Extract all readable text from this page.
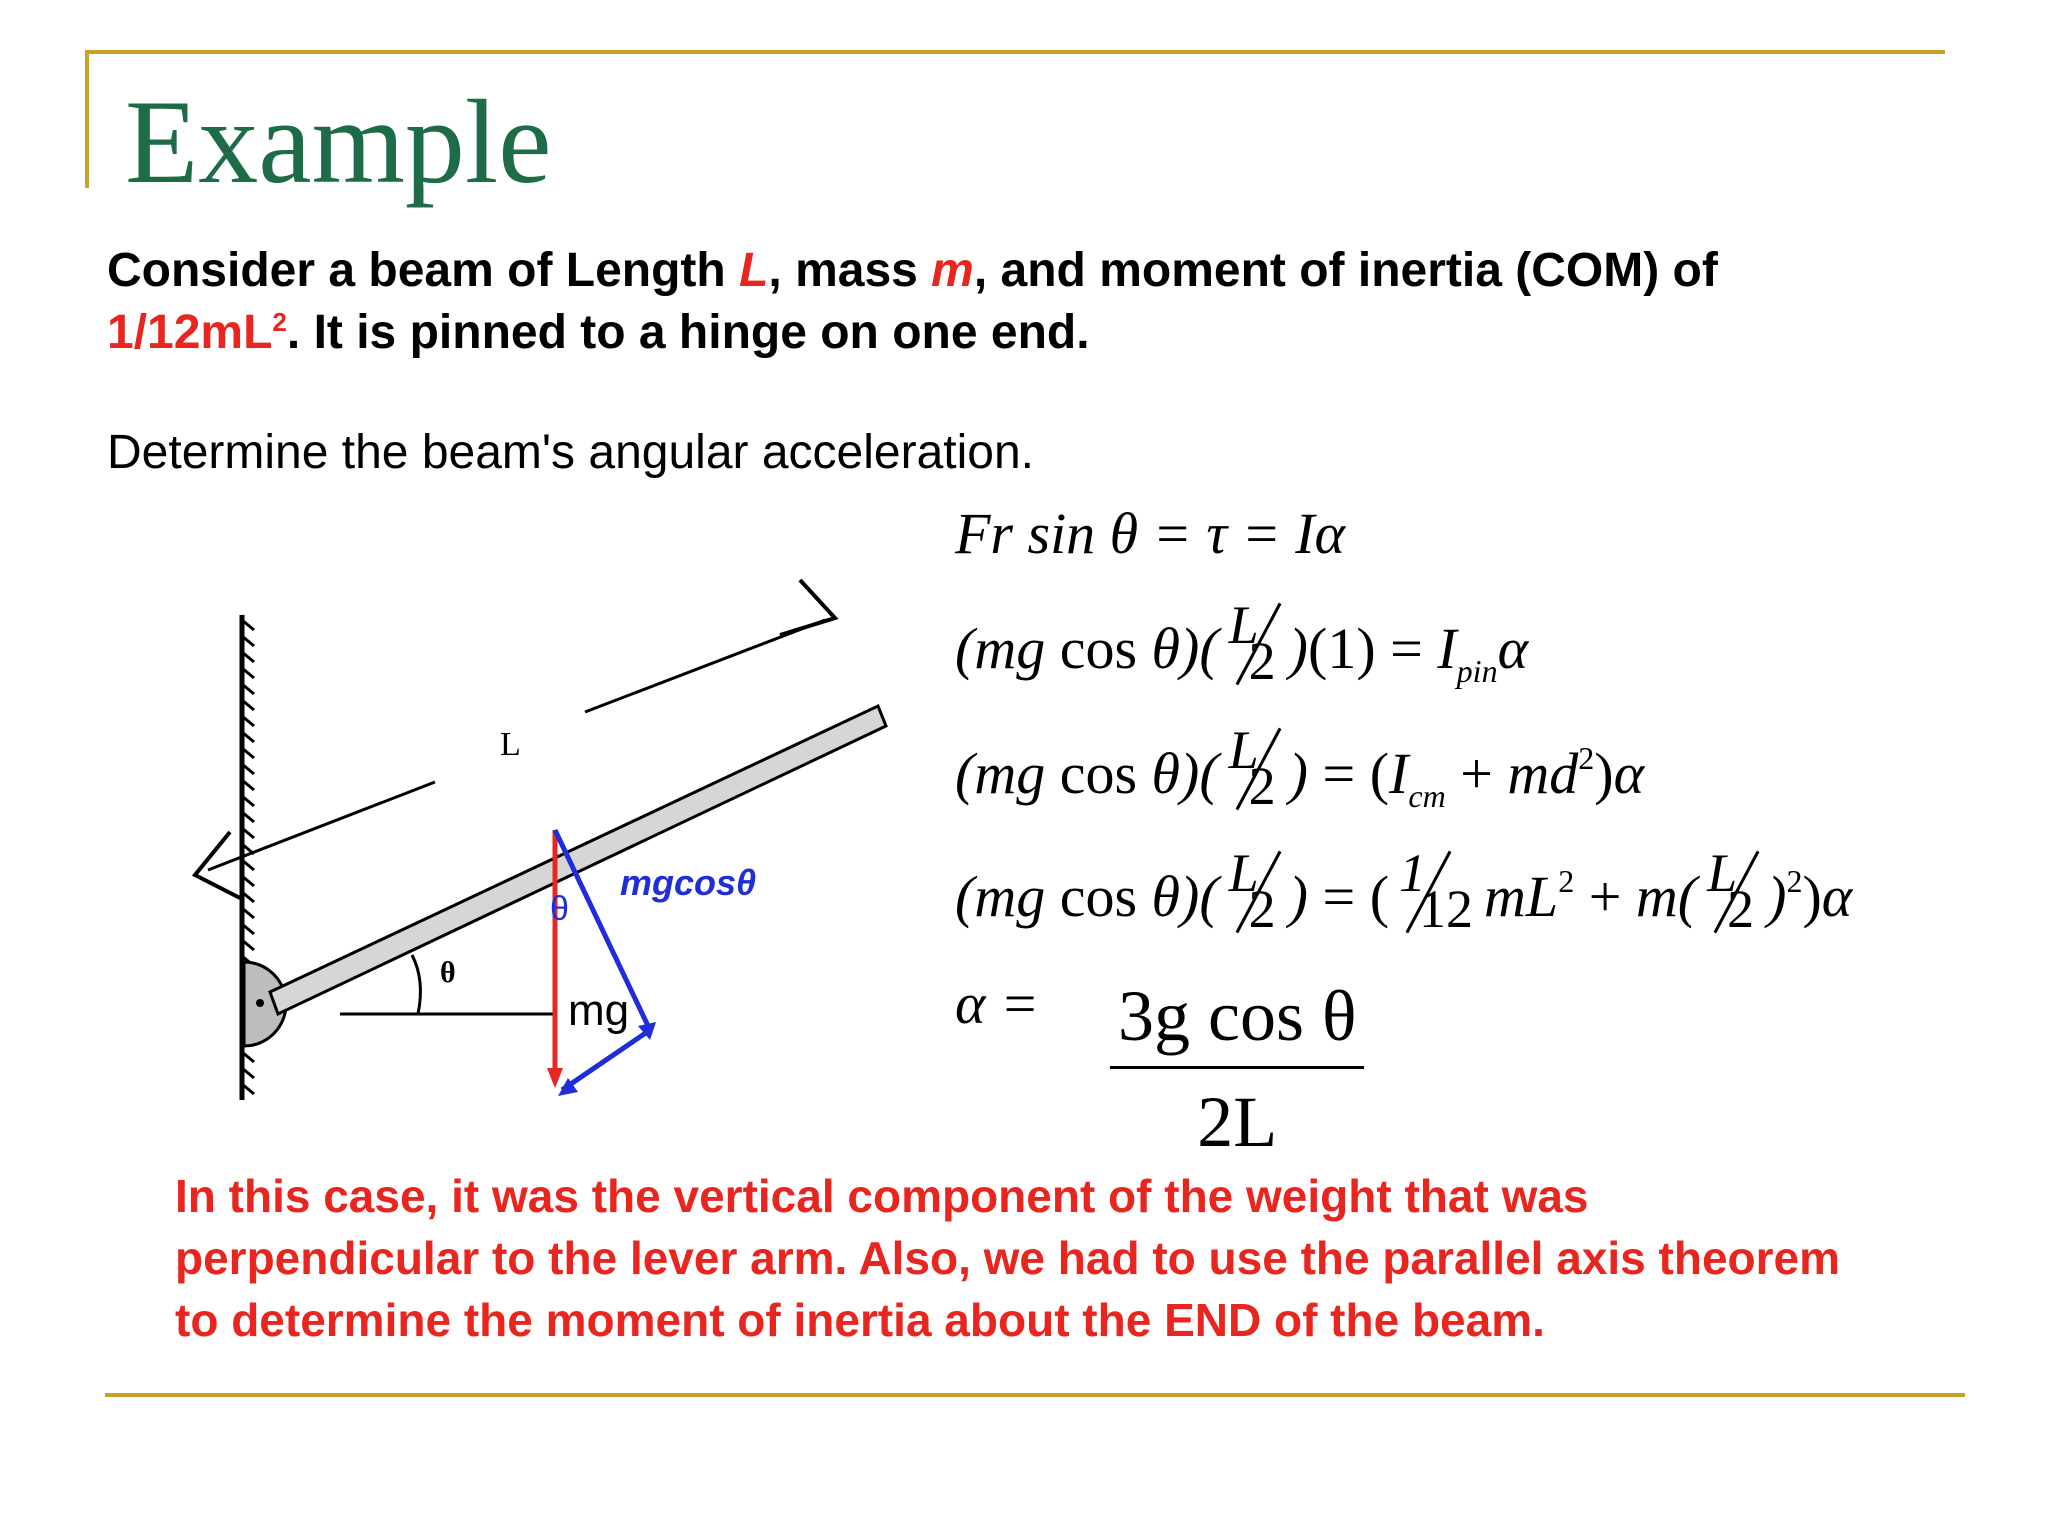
Example
Consider a beam of Length L, mass m, and moment of inertia (COM) of
$1/12mL^2$. It is pinned to a hinge on one end.
Determine the beam's angular acceleration.
L
θ
θ
mg
mgcosθ
Fr sin θ = τ = Iα
(mg cos θ)( L
2 )$(1) = I_{pin}\alpha$
(mg cos θ)( L
2 ) = $(I_{cm} + md^2)\alpha$
(mg cos θ)( L
2 ) = ( 1
12 $mL^2 + m$( L
2 )$^2$)α
$\alpha = \frac{\text{3g cos θ}}{2L}$
In this case, it was the vertical component of the weight that was perpendicular to the lever arm. Also, we had to use the parallel axis theorem to determine the moment of inertia about the END of the beam.
